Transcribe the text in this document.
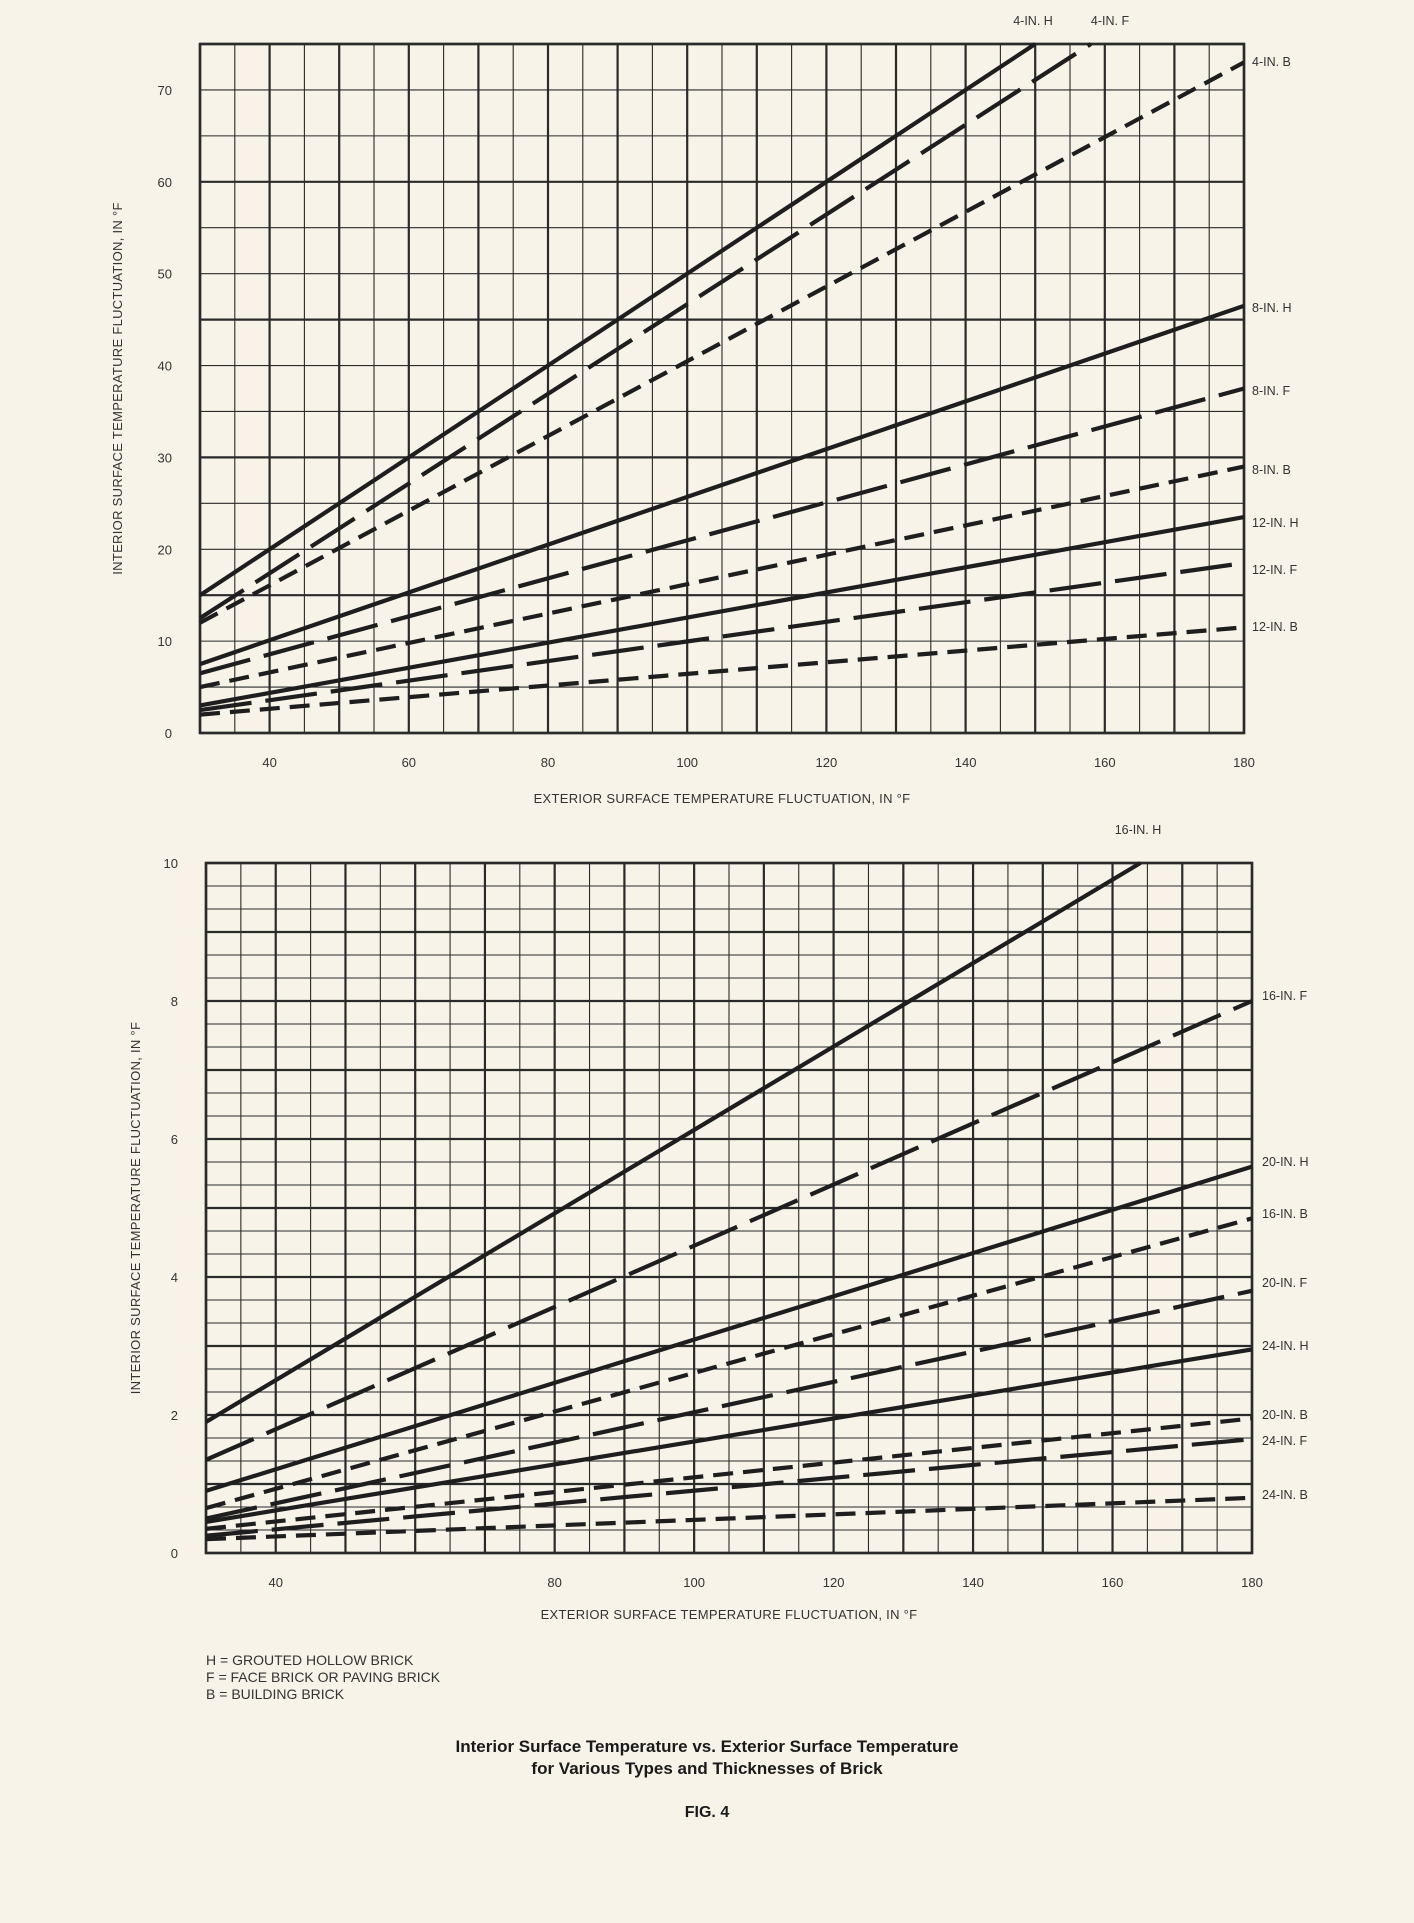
40	60	80	100	120	140	160	180
0
10
20
30
40
50
60
70
EXTERIOR SURFACE TEMPERATURE FLUCTUATION, IN °F
INTERIOR SURFACE TEMPERATURE FLUCTUATION, IN °F
4-IN. H	4-IN. F
4-IN. B
8-IN. H
8-IN. F
8-IN. B
12-IN. H
12-IN. F
12-IN. B
40	80	100	120	140	160	180
0
2
4
6
8
10
EXTERIOR SURFACE TEMPERATURE FLUCTUATION, IN °F
INTERIOR SURFACE TEMPERATURE FLUCTUATION, IN °F
16-IN. H
16-IN. F
20-IN. H
16-IN. B
20-IN. F
24-IN. H
20-IN. B
24-IN. F
24-IN. B
H = GROUTED HOLLOW BRICK
F = FACE BRICK OR PAVING BRICK
B = BUILDING BRICK
Interior Surface Temperature vs. Exterior Surface Temperature
for Various Types and Thicknesses of Brick
FIG. 4
